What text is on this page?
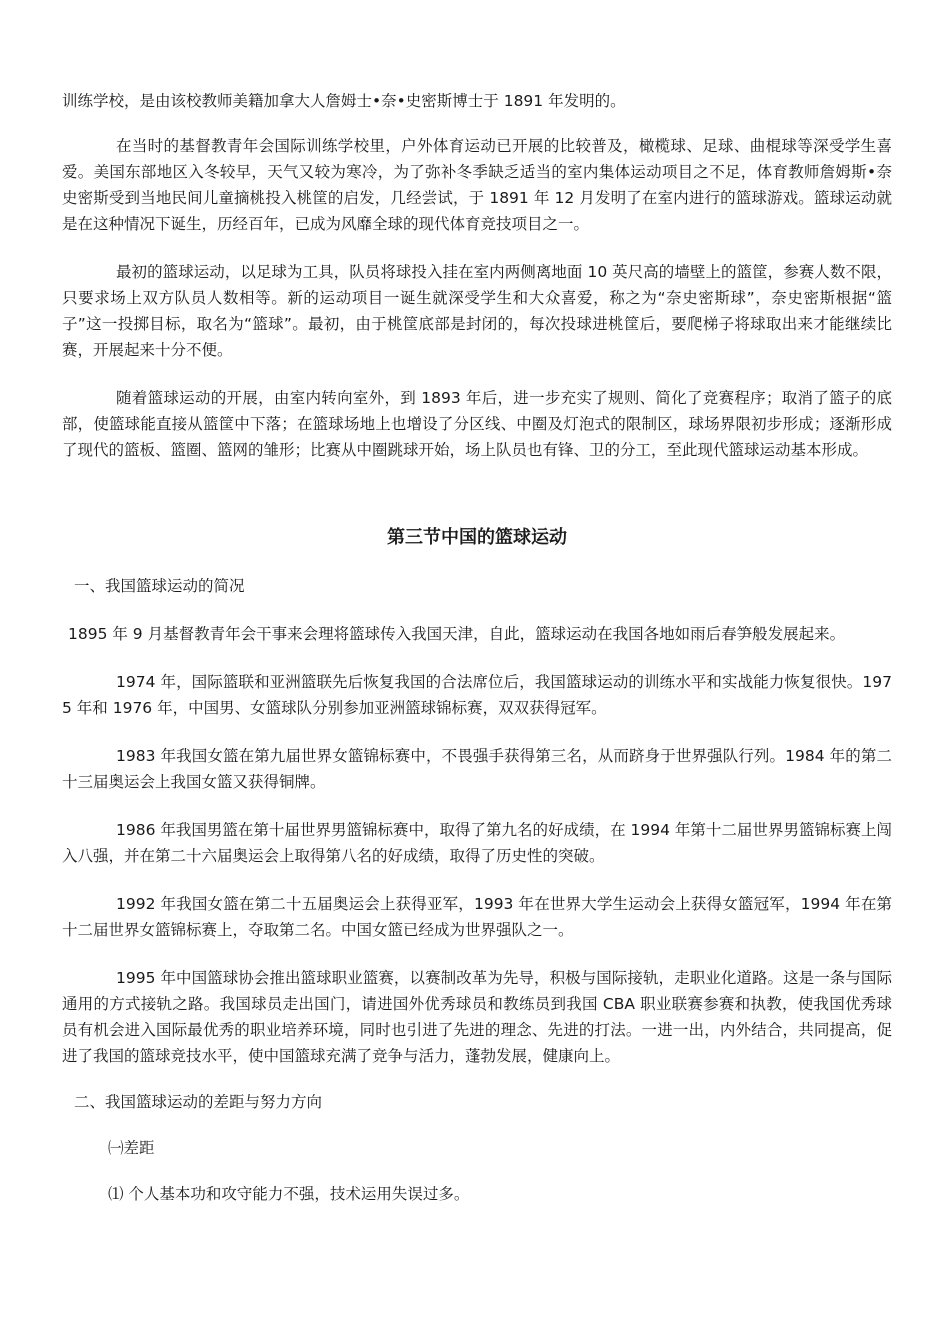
训练学校，是由该校教师美籍加拿大人詹姆士•奈•史密斯博士于 1891 年发明的。

在当时的基督教青年会国际训练学校里，户外体育运动已开展的比较普及，橄榄球、足球、曲棍球等深受学生喜爱。美国东部地区入冬较早，天气又较为寒冷，为了弥补冬季缺乏适当的室内集体运动项目之不足，体育教师詹姆斯•奈史密斯受到当地民间儿童摘桃投入桃筐的启发，几经尝试，于 1891 年 12 月发明了在室内进行的篮球游戏。篮球运动就是在这种情况下诞生，历经百年，已成为风靡全球的现代体育竞技项目之一。

最初的篮球运动，以足球为工具，队员将球投入挂在室内两侧离地面 10 英尺高的墙壁上的篮筐，参赛人数不限，只要求场上双方队员人数相等。新的运动项目一诞生就深受学生和大众喜爱，称之为“奈史密斯球”，奈史密斯根据“篮子”这一投掷目标，取名为“篮球”。最初，由于桃筐底部是封闭的，每次投球进桃筐后，要爬梯子将球取出来才能继续比赛，开展起来十分不便。

随着篮球运动的开展，由室内转向室外，到 1893 年后，进一步充实了规则、简化了竞赛程序；取消了篮子的底部，使篮球能直接从篮筐中下落；在篮球场地上也增设了分区线、中圈及灯泡式的限制区，球场界限初步形成；逐渐形成了现代的篮板、篮圈、篮网的雏形；比赛从中圈跳球开始，场上队员也有锋、卫的分工，至此现代篮球运动基本形成。

第三节中国的篮球运动

一、我国篮球运动的简况

1895 年 9 月基督教青年会干事来会理将篮球传入我国天津，自此，篮球运动在我国各地如雨后春笋般发展起来。

1974 年，国际篮联和亚洲篮联先后恢复我国的合法席位后，我国篮球运动的训练水平和实战能力恢复很快。1975 年和 1976 年，中国男、女篮球队分别参加亚洲篮球锦标赛，双双获得冠军。

1983 年我国女篮在第九届世界女篮锦标赛中，不畏强手获得第三名，从而跻身于世界强队行列。1984 年的第二十三届奥运会上我国女篮又获得铜牌。

1986 年我国男篮在第十届世界男篮锦标赛中，取得了第九名的好成绩，在 1994 年第十二届世界男篮锦标赛上闯入八强，并在第二十六届奥运会上取得第八名的好成绩，取得了历史性的突破。

1992 年我国女篮在第二十五届奥运会上获得亚军，1993 年在世界大学生运动会上获得女篮冠军，1994 年在第十二届世界女篮锦标赛上，夺取第二名。中国女篮已经成为世界强队之一。

1995 年中国篮球协会推出篮球职业篮赛，以赛制改革为先导，积极与国际接轨，走职业化道路。这是一条与国际通用的方式接轨之路。我国球员走出国门，请进国外优秀球员和教练员到我国 CBA 职业联赛参赛和执教，使我国优秀球员有机会进入国际最优秀的职业培养环境，同时也引进了先进的理念、先进的打法。一进一出，内外结合，共同提高，促进了我国的篮球竞技水平，使中国篮球充满了竞争与活力，蓬勃发展，健康向上。

二、我国篮球运动的差距与努力方向

㈠差距

⑴ 个人基本功和攻守能力不强，技术运用失误过多。
